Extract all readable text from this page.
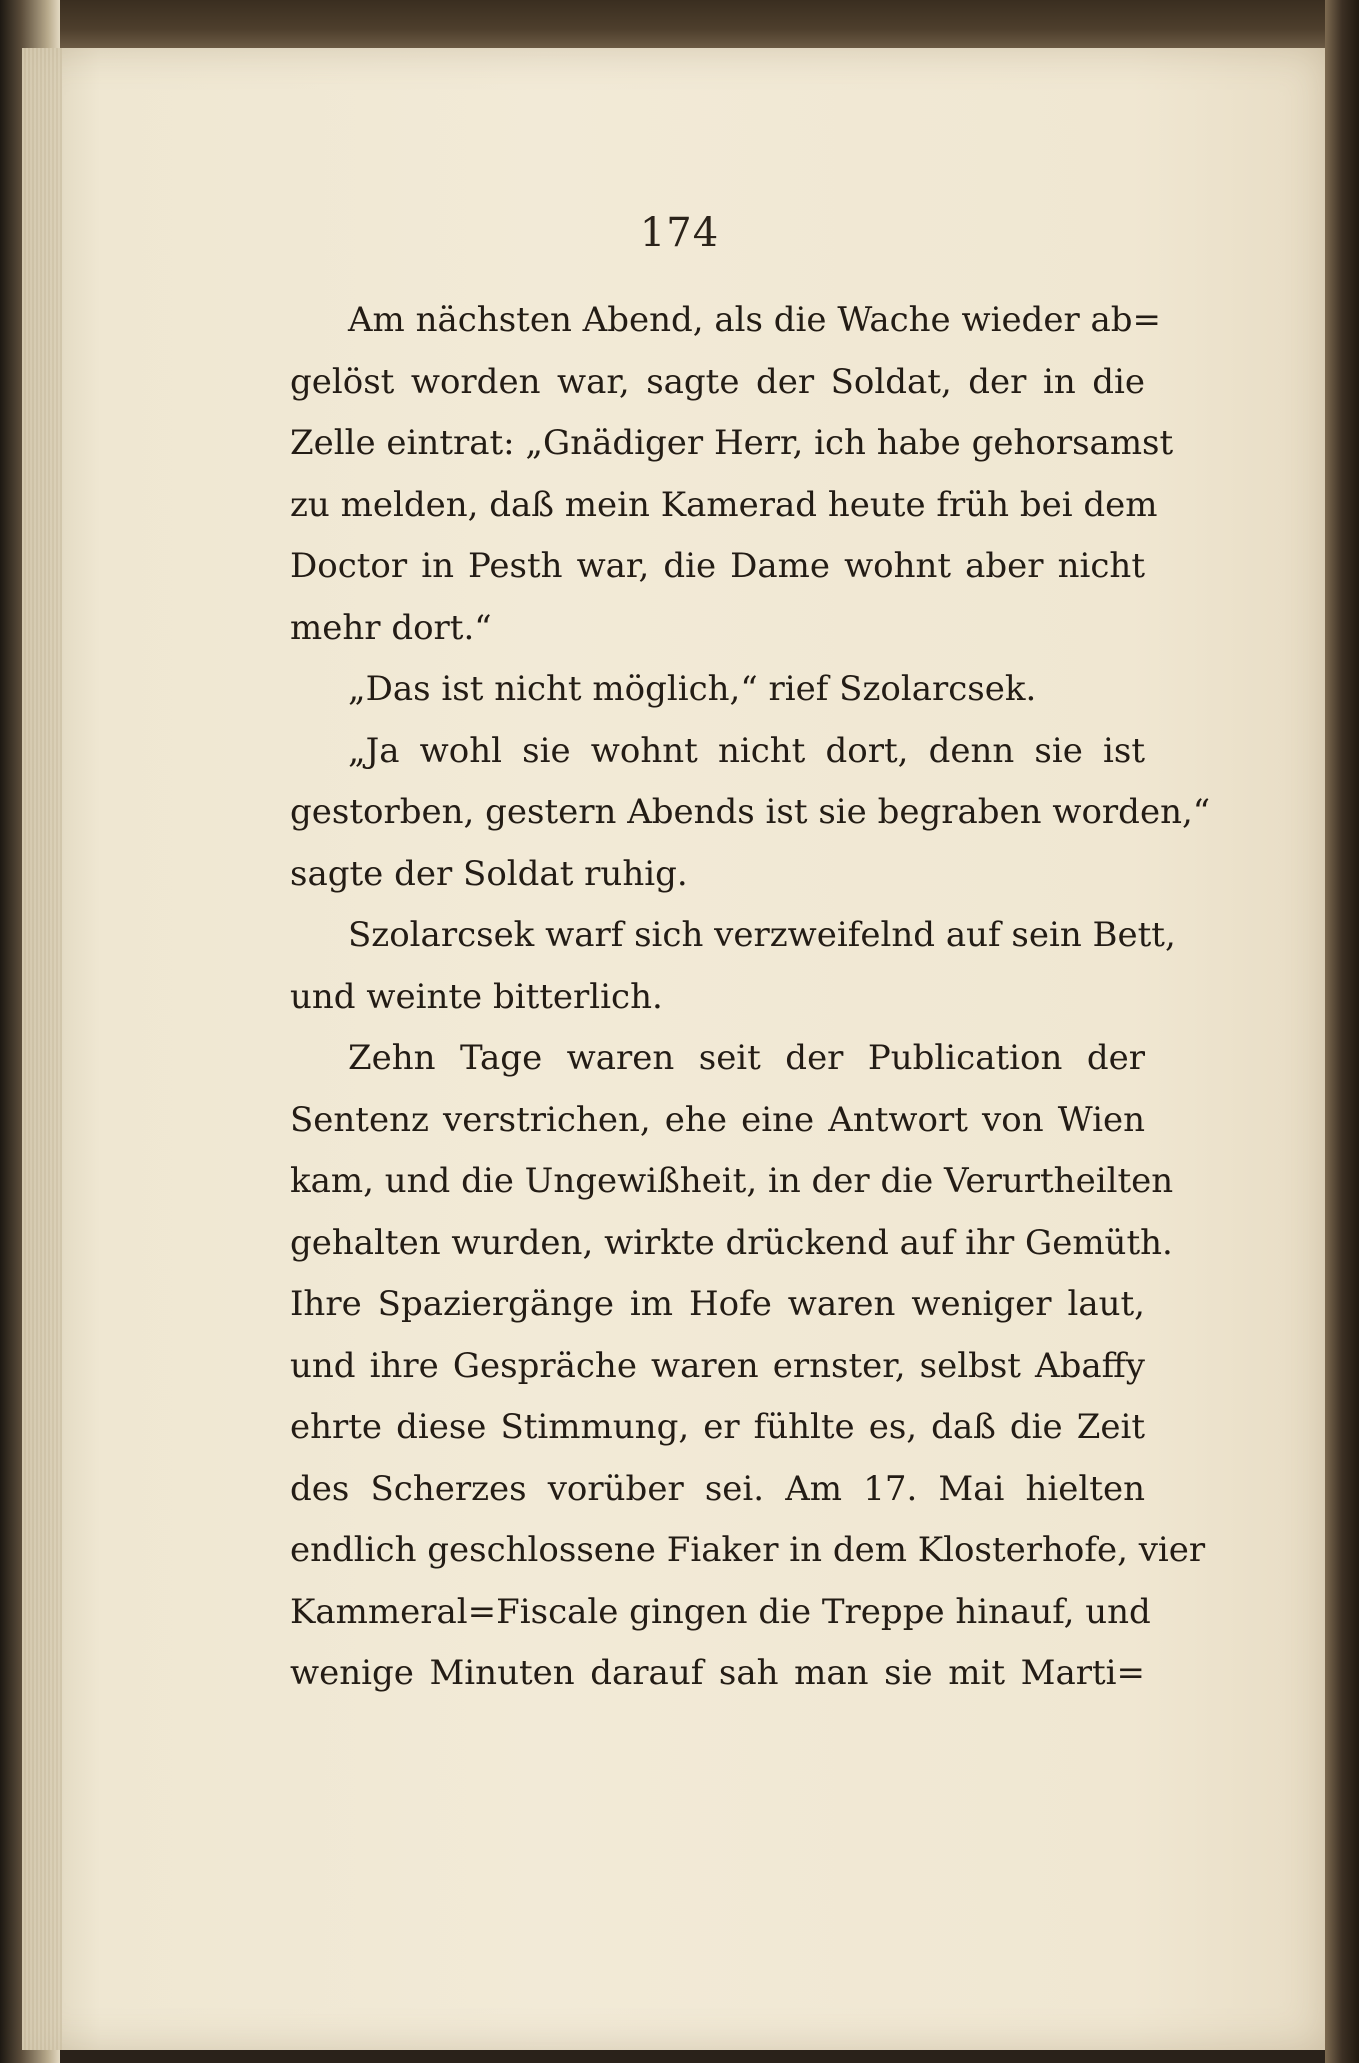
174
Am nächsten Abend, als die Wache wieder ab=
gelöst worden war, sagte der Soldat, der in die
Zelle eintrat: „Gnädiger Herr, ich habe gehorsamst
zu melden, daß mein Kamerad heute früh bei dem
Doctor in Pesth war, die Dame wohnt aber nicht
mehr dort.“
„Das ist nicht möglich,“ rief Szolarcsek.
„Ja wohl sie wohnt nicht dort, denn sie ist
gestorben, gestern Abends ist sie begraben worden,“
sagte der Soldat ruhig.
Szolarcsek warf sich verzweifelnd auf sein Bett,
und weinte bitterlich.
Zehn Tage waren seit der Publication der
Sentenz verstrichen, ehe eine Antwort von Wien
kam, und die Ungewißheit, in der die Verurtheilten
gehalten wurden, wirkte drückend auf ihr Gemüth.
Ihre Spaziergänge im Hofe waren weniger laut,
und ihre Gespräche waren ernster, selbst Abaffy
ehrte diese Stimmung, er fühlte es, daß die Zeit
des Scherzes vorüber sei. Am 17. Mai hielten
endlich geschlossene Fiaker in dem Klosterhofe, vier
Kammeral=Fiscale gingen die Treppe hinauf, und
wenige Minuten darauf sah man sie mit Marti=
